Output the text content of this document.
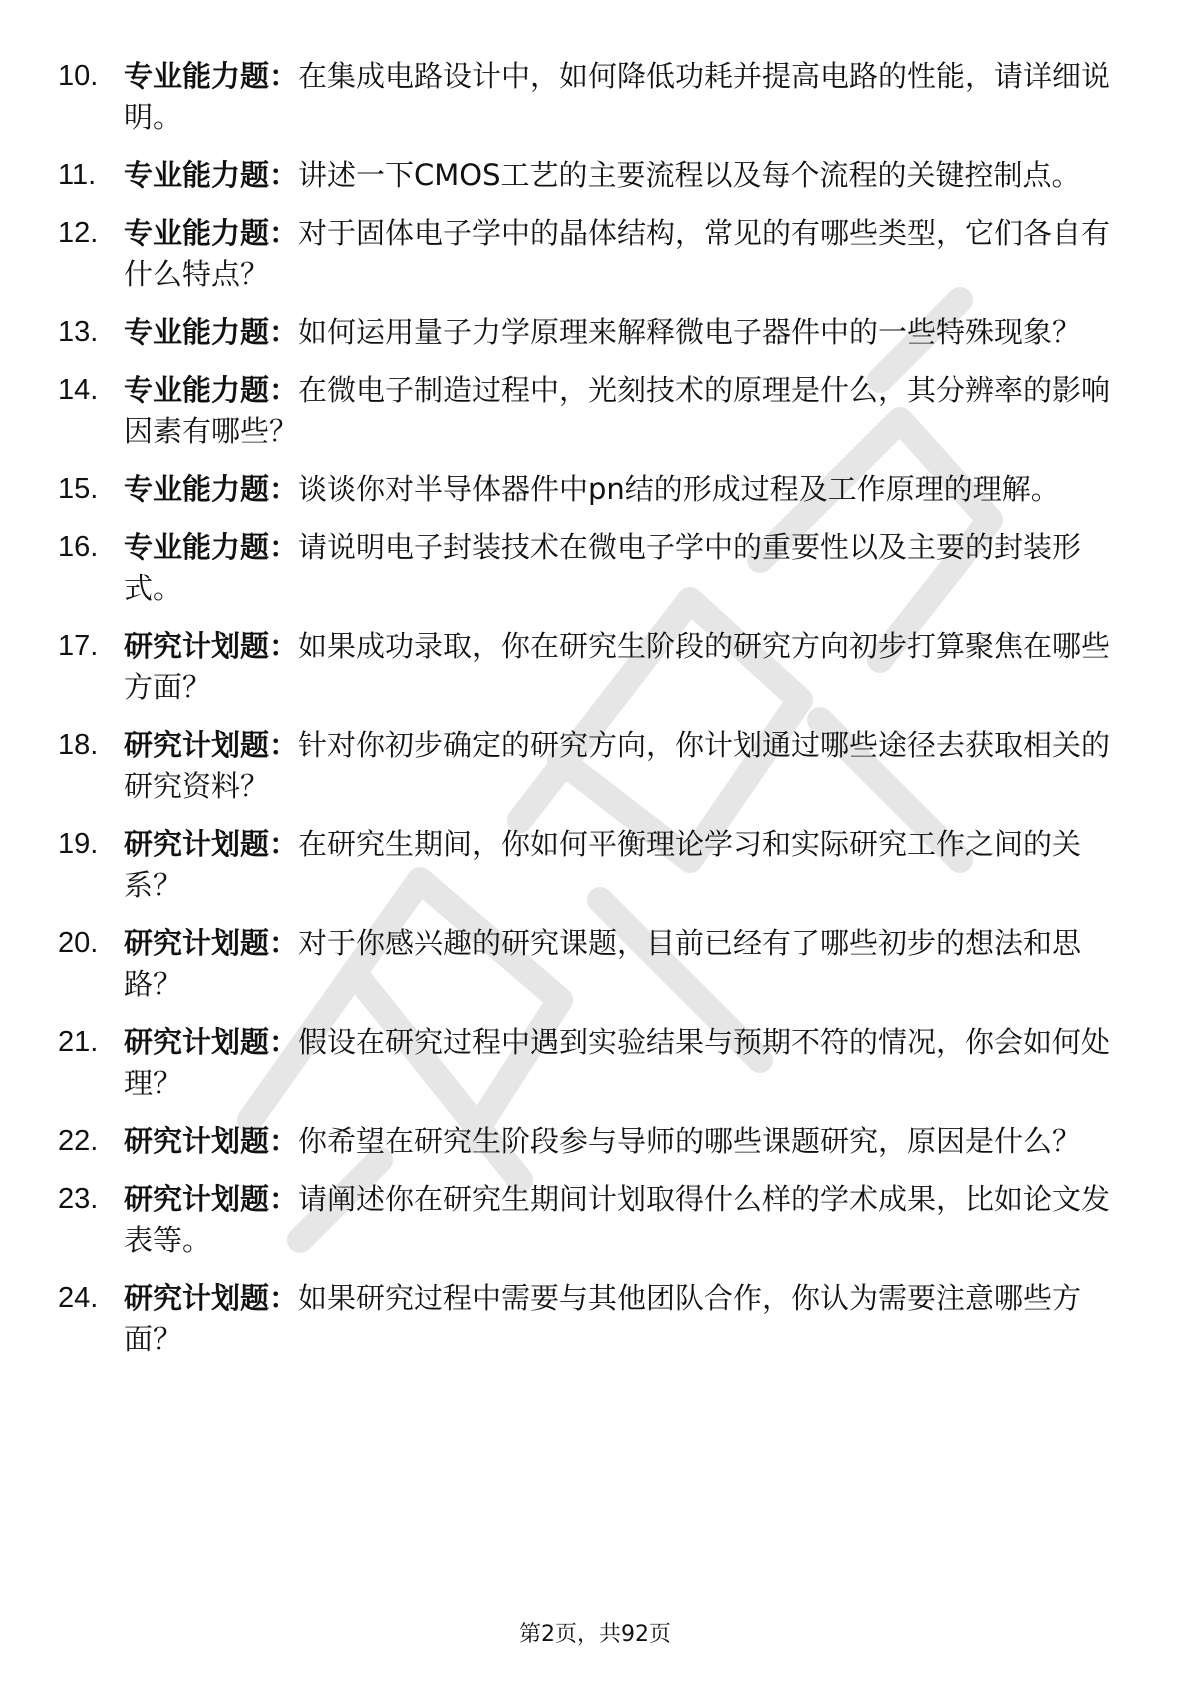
10. 专业能力题：在集成电路设计中，如何降低功耗并提高电路的性能，请详细说明。
11. 专业能力题：讲述一下CMOS工艺的主要流程以及每个流程的关键控制点。
12. 专业能力题：对于固体电子学中的晶体结构，常见的有哪些类型，它们各自有什么特点？
13. 专业能力题：如何运用量子力学原理来解释微电子器件中的一些特殊现象？
14. 专业能力题：在微电子制造过程中，光刻技术的原理是什么，其分辨率的影响因素有哪些？
15. 专业能力题：谈谈你对半导体器件中pn结的形成过程及工作原理的理解。
16. 专业能力题：请说明电子封装技术在微电子学中的重要性以及主要的封装形式。
17. 研究计划题：如果成功录取，你在研究生阶段的研究方向初步打算聚焦在哪些方面？
18. 研究计划题：针对你初步确定的研究方向，你计划通过哪些途径去获取相关的研究资料？
19. 研究计划题：在研究生期间，你如何平衡理论学习和实际研究工作之间的关系？
20. 研究计划题：对于你感兴趣的研究课题，目前已经有了哪些初步的想法和思路？
21. 研究计划题：假设在研究过程中遇到实验结果与预期不符的情况，你会如何处理？
22. 研究计划题：你希望在研究生阶段参与导师的哪些课题研究，原因是什么？
23. 研究计划题：请阐述你在研究生期间计划取得什么样的学术成果，比如论文发表等。
24. 研究计划题：如果研究过程中需要与其他团队合作，你认为需要注意哪些方面？
第2页，共92页
